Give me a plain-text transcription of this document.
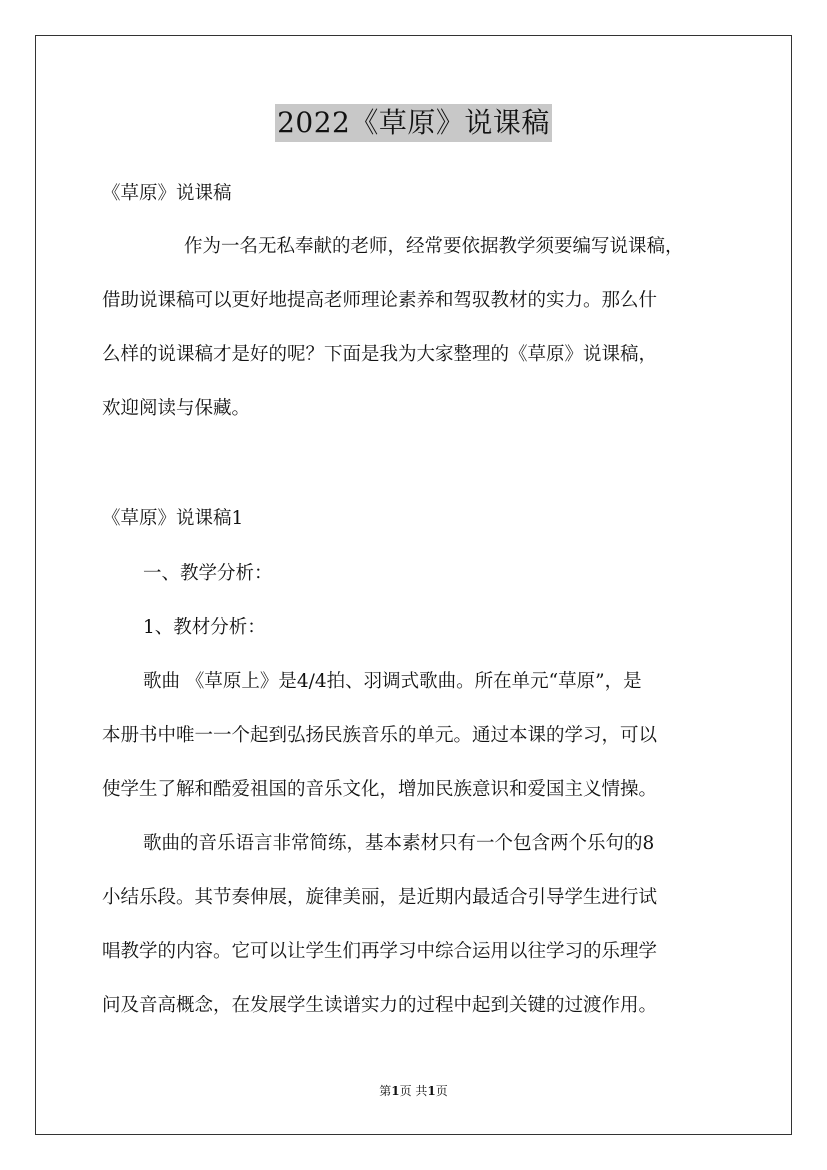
2022《草原》说课稿
《草原》说课稿
作为一名无私奉献的老师，经常要依据教学须要编写说课稿，
借助说课稿可以更好地提高老师理论素养和驾驭教材的实力。那么什
么样的说课稿才是好的呢？下面是我为大家整理的《草原》说课稿，
欢迎阅读与保藏。
《草原》说课稿1
一、教学分析：
1、教材分析：
歌曲 《草原上》是4/4拍、羽调式歌曲。所在单元“草原”，是
本册书中唯一一个起到弘扬民族音乐的单元。通过本课的学习，可以
使学生了解和酷爱祖国的音乐文化，增加民族意识和爱国主义情操。
歌曲的音乐语言非常简练，基本素材只有一个包含两个乐句的8
小结乐段。其节奏伸展，旋律美丽，是近期内最适合引导学生进行试
唱教学的内容。它可以让学生们再学习中综合运用以往学习的乐理学
问及音高概念，在发展学生读谱实力的过程中起到关键的过渡作用。
第1页 共1页
